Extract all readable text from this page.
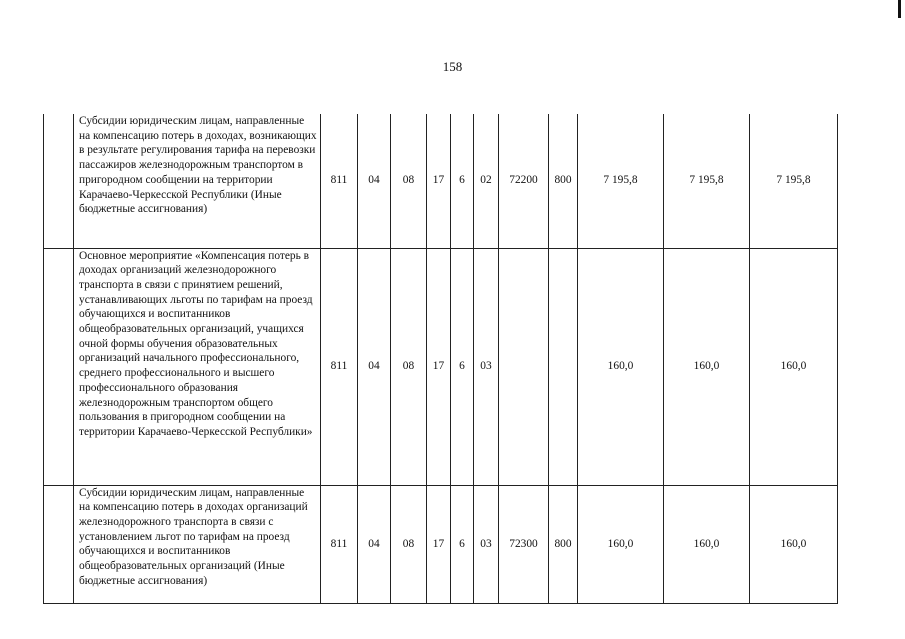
158
	Субсидии юридическим лицам, направленные на компенсацию потерь в доходах, возникающих в результате регулирования тарифа на перевозки пассажиров железнодорожным транспортом в пригородном сообщении на территории Карачаево-Черкесской Республики (Иные бюджетные ассигнования)	811	04	08	17	6	02	72200	800	7 195,8	7 195,8	7 195,8
	Основное мероприятие «Компенсация потерь в доходах организаций железнодорожного транспорта в связи с принятием решений, устанавливающих льготы по тарифам на проезд обучающихся и воспитанников общеобразовательных организаций, учащихся очной формы обучения образовательных организаций начального профессионального, среднего профессионального и высшего профессионального образования железнодорожным транспортом общего пользования в пригородном сообщении на территории Карачаево-Черкесской Республики»	811	04	08	17	6	03			160,0	160,0	160,0
	Субсидии юридическим лицам, направленные на компенсацию потерь в доходах организаций железнодорожного транспорта в связи с установлением льгот по тарифам на проезд обучающихся и воспитанников общеобразовательных организаций (Иные бюджетные ассигнования)	811	04	08	17	6	03	72300	800	160,0	160,0	160,0
